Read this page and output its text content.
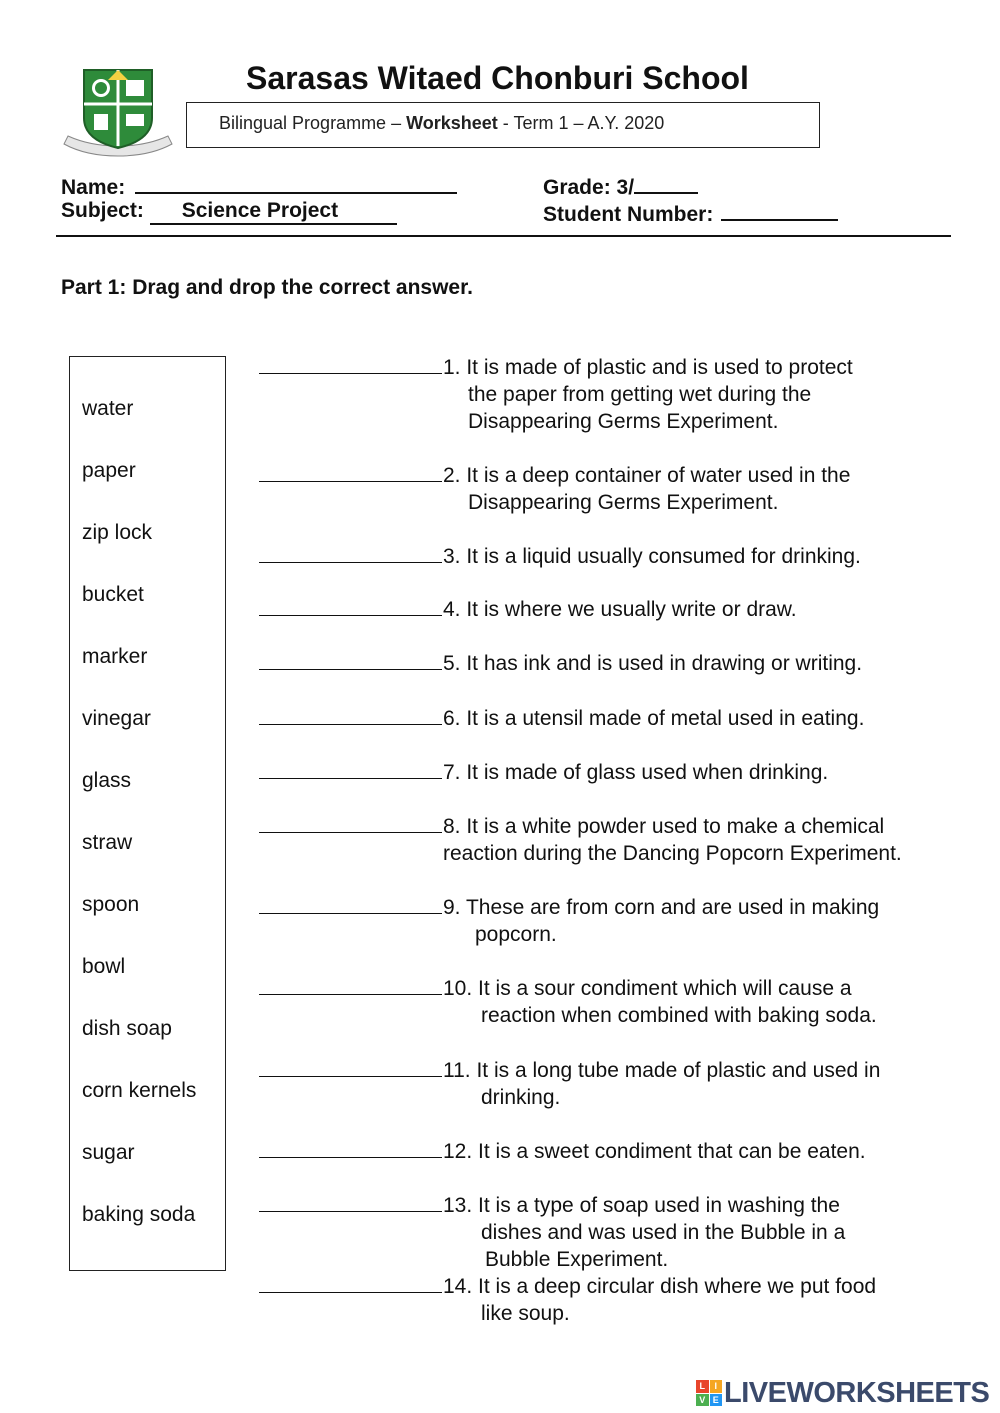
Sarasas Witaed Chonburi School
Bilingual Programme – Worksheet - Term 1 – A.Y. 2020
Name:	Grade: 3/
Subject: Science Project	Student Number:
Part 1: Drag and drop the correct answer.
water
paper
zip lock
bucket
marker
vinegar
glass
straw
spoon
bowl
dish soap
corn kernels
sugar
baking soda
1. It is made of plastic and is used to protect
the paper from getting wet during the
Disappearing Germs Experiment.
2. It is a deep container of water used in the
Disappearing Germs Experiment.
3. It is a liquid usually consumed for drinking.
4. It is where we usually write or draw.
5. It has ink and is used in drawing or writing.
6. It is a utensil made of metal used in eating.
7. It is made of glass used when drinking.
8. It is a white powder used to make a chemical
reaction during the Dancing Popcorn Experiment.
9. These are from corn and are used in making
popcorn.
10. It is a sour condiment which will cause a
reaction when combined with baking soda.
11. It is a long tube made of plastic and used in
drinking.
12. It is a sweet condiment that can be eaten.
13. It is a type of soap used in washing the
dishes and was used in the Bubble in a
Bubble Experiment.
14. It is a deep circular dish where we put food
like soup.
L	I
V E LIVEWORKSHEETS
